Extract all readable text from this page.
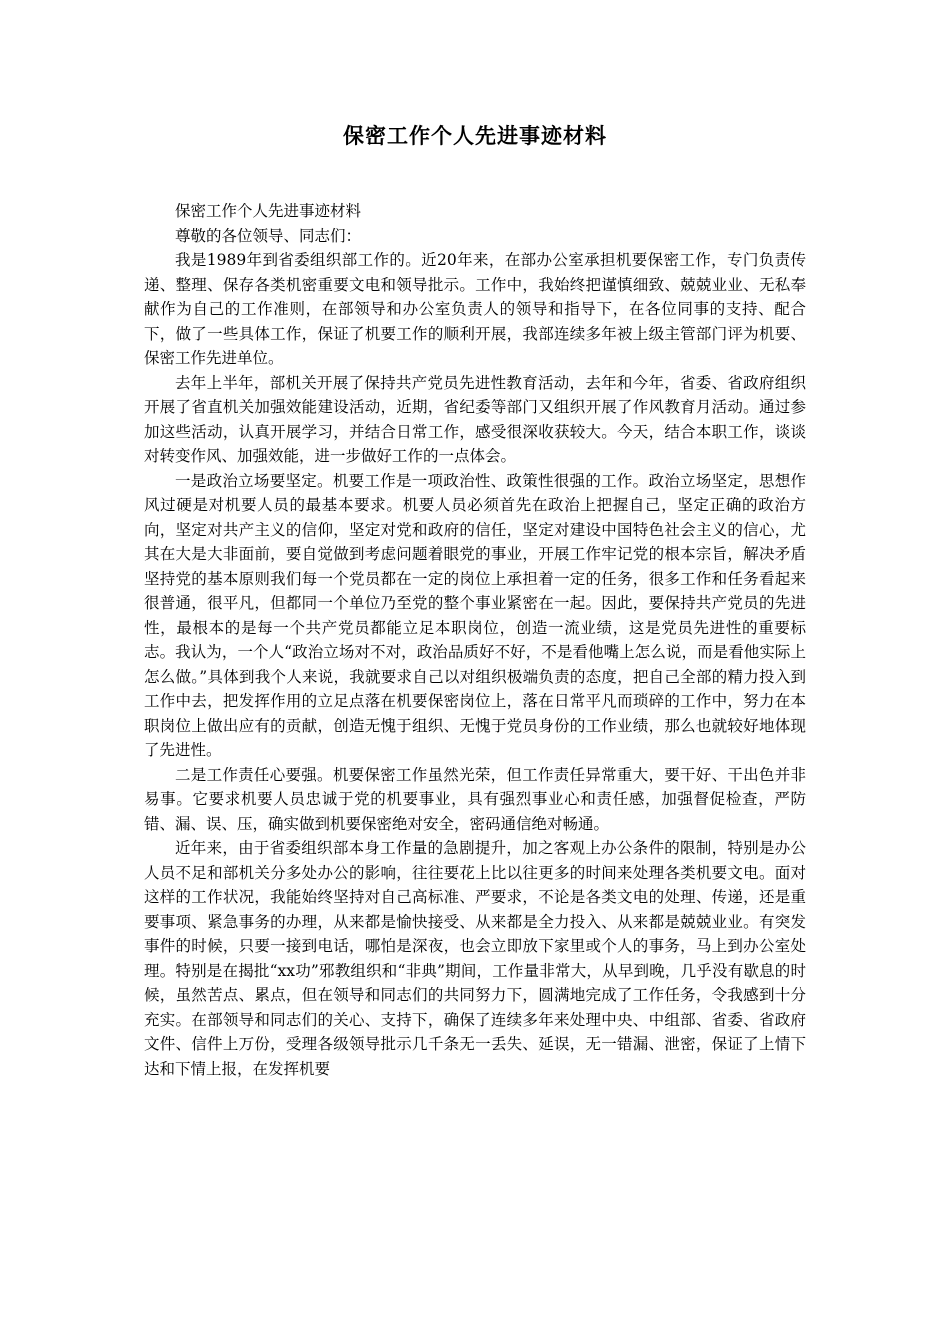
保密工作个人先进事迹材料

保密工作个人先进事迹材料

尊敬的各位领导、同志们：

我是1989年到省委组织部工作的。近20年来，在部办公室承担机要保密工作，专门负责传递、整理、保存各类机密重要文电和领导批示。工作中，我始终把谨慎细致、兢兢业业、无私奉献作为自己的工作准则，在部领导和办公室负责人的领导和指导下，在各位同事的支持、配合下，做了一些具体工作，保证了机要工作的顺利开展，我部连续多年被上级主管部门评为机要、保密工作先进单位。

去年上半年，部机关开展了保持共产党员先进性教育活动，去年和今年，省委、省政府组织开展了省直机关加强效能建设活动，近期，省纪委等部门又组织开展了作风教育月活动。通过参加这些活动，认真开展学习，并结合日常工作，感受很深收获较大。今天，结合本职工作，谈谈对转变作风、加强效能，进一步做好工作的一点体会。

一是政治立场要坚定。机要工作是一项政治性、政策性很强的工作。政治立场坚定，思想作风过硬是对机要人员的最基本要求。机要人员必须首先在政治上把握自己，坚定正确的政治方向，坚定对共产主义的信仰，坚定对党和政府的信任，坚定对建设中国特色社会主义的信心，尤其在大是大非面前，要自觉做到考虑问题着眼党的事业，开展工作牢记党的根本宗旨，解决矛盾坚持党的基本原则我们每一个党员都在一定的岗位上承担着一定的任务，很多工作和任务看起来很普通，很平凡，但都同一个单位乃至党的整个事业紧密在一起。因此，要保持共产党员的先进性，最根本的是每一个共产党员都能立足本职岗位，创造一流业绩，这是党员先进性的重要标志。我认为，一个人“政治立场对不对，政治品质好不好，不是看他嘴上怎么说，而是看他实际上怎么做。”具体到我个人来说，我就要求自己以对组织极端负责的态度，把自己全部的精力投入到工作中去，把发挥作用的立足点落在机要保密岗位上，落在日常平凡而琐碎的工作中，努力在本职岗位上做出应有的贡献，创造无愧于组织、无愧于党员身份的工作业绩，那么也就较好地体现了先进性。

二是工作责任心要强。机要保密工作虽然光荣，但工作责任异常重大，要干好、干出色并非易事。它要求机要人员忠诚于党的机要事业，具有强烈事业心和责任感，加强督促检查，严防错、漏、误、压，确实做到机要保密绝对安全，密码通信绝对畅通。

近年来，由于省委组织部本身工作量的急剧提升，加之客观上办公条件的限制，特别是办公人员不足和部机关分多处办公的影响，往往要花上比以往更多的时间来处理各类机要文电。面对这样的工作状况，我能始终坚持对自己高标准、严要求，不论是各类文电的处理、传递，还是重要事项、紧急事务的办理，从来都是愉快接受、从来都是全力投入、从来都是兢兢业业。有突发事件的时候，只要一接到电话，哪怕是深夜，也会立即放下家里或个人的事务，马上到办公室处理。特别是在揭批“xx功”邪教组织和“非典”期间，工作量非常大，从早到晚，几乎没有歇息的时候，虽然苦点、累点，但在领导和同志们的共同努力下，圆满地完成了工作任务，令我感到十分充实。在部领导和同志们的关心、支持下，确保了连续多年来处理中央、中组部、省委、省政府文件、信件上万份，受理各级领导批示几千条无一丢失、延误，无一错漏、泄密，保证了上情下达和下情上报，在发挥机要
